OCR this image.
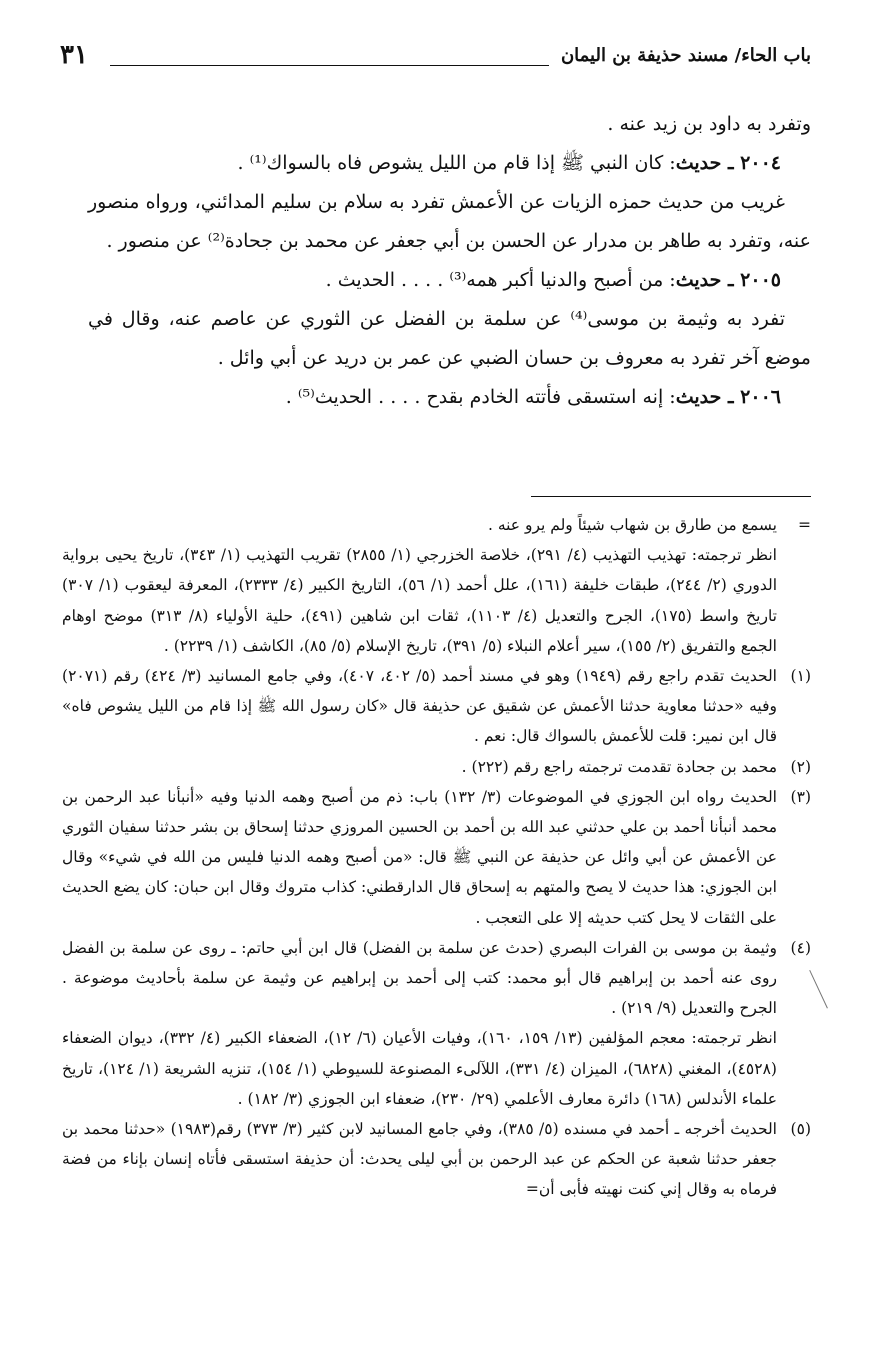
٣١	باب الحاء/ مسند حذيفة بن اليمان

وتفرد به داود بن زيد عنه .

٢٠٠٤ ـ حديث: كان النبي ﷺ إذا قام من الليل يشوص فاه بالسواك⁽¹⁾ .

غريب من حديث حمزه الزيات عن الأعمش تفرد به سلام بن سليم المدائني، ورواه منصور عنه، وتفرد به طاهر بن مدرار عن الحسن بن أبي جعفر عن محمد بن جحادة⁽²⁾ عن منصور .

٢٠٠٥ ـ حديث: من أصبح والدنيا أكبر همه⁽³⁾ . . . . الحديث .

تفرد به وثيمة بن موسى⁽⁴⁾ عن سلمة بن الفضل عن الثوري عن عاصم عنه، وقال في موضع آخر تفرد به معروف بن حسان الضبي عن عمر بن دريد عن أبي وائل .

٢٠٠٦ ـ حديث: إنه استسقى فأتته الخادم بقدح . . . . الحديث⁽⁵⁾ .

=

يسمع من طارق بن شهاب شيئاً ولم يرو عنه .

انظر ترجمته: تهذيب التهذيب (٤/ ٢٩١)، خلاصة الخزرجي (١/ ٢٨٥٥) تقريب التهذيب (١/ ٣٤٣)، تاريخ يحيى برواية الدوري (٢/ ٢٤٤)، طبقات خليفة (١٦١)، علل أحمد (١/ ٥٦)، التاريخ الكبير (٤/ ٢٣٣٣)، المعرفة ليعقوب (١/ ٣٠٧) تاريخ واسط (١٧٥)، الجرح والتعديل (٤/ ١١٠٣)، ثقات ابن شاهين (٤٩١)، حلية الأولياء (٨/ ٣١٣) موضح اوهام الجمع والتفريق (٢/ ١٥٥)، سير أعلام النبلاء (٥/ ٣٩١)، تاريخ الإسلام (٥/ ٨٥)، الكاشف (١/ ٢٢٣٩) .

(١)

الحديث تقدم راجع رقم (١٩٤٩) وهو في مسند أحمد (٥/ ٤٠٢، ٤٠٧)، وفي جامع المسانيد (٣/ ٤٢٤) رقم (٢٠٧١) وفيه «حدثنا معاوية حدثنا الأعمش عن شقيق عن حذيفة قال «كان رسول الله ﷺ إذا قام من الليل يشوص فاه» قال ابن نمير: قلت للأعمش بالسواك قال: نعم .

(٢)

محمد بن جحادة تقدمت ترجمته راجع رقم (٢٢٢) .

(٣)

الحديث رواه ابن الجوزي في الموضوعات (٣/ ١٣٢) باب: ذم من أصبح وهمه الدنيا وفيه «أنبأنا عبد الرحمن بن محمد أنبأنا أحمد بن علي حدثني عبد الله بن أحمد بن الحسين المروزي حدثنا إسحاق بن بشر حدثنا سفيان الثوري عن الأعمش عن أبي وائل عن حذيفة عن النبي ﷺ قال: «من أصبح وهمه الدنيا فليس من الله في شيء» وقال ابن الجوزي: هذا حديث لا يصح والمتهم به إسحاق قال الدارقطني: كذاب متروك وقال ابن حبان: كان يضع الحديث على الثقات لا يحل كتب حديثه إلا على التعجب .

(٤)

وثيمة بن موسى بن الفرات البصري (حدث عن سلمة بن الفضل) قال ابن أبي حاتم: ـ روى عن سلمة بن الفضل روى عنه أحمد بن إبراهيم قال أبو محمد: كتب إلى أحمد بن إبراهيم عن وثيمة عن سلمة بأحاديث موضوعة . الجرح والتعديل (٩/ ٢١٩) .

انظر ترجمته: معجم المؤلفين (١٣/ ١٥٩، ١٦٠)، وفيات الأعيان (٦/ ١٢)، الضعفاء الكبير (٤/ ٣٣٢)، ديوان الضعفاء (٤٥٢٨)، المغني (٦٨٢٨)، الميزان (٤/ ٣٣١)، اللآلىء المصنوعة للسيوطي (١/ ١٥٤)، تنزيه الشريعة (١/ ١٢٤)، تاريخ علماء الأندلس (١٦٨) دائرة معارف الأعلمي (٢٩/ ٢٣٠)، ضعفاء ابن الجوزي (٣/ ١٨٢) .

(٥)

الحديث أخرجه ـ أحمد في مسنده (٥/ ٣٨٥)، وفي جامع المسانيد لابن كثير (٣/ ٣٧٣) رقم(١٩٨٣) «حدثنا محمد بن جعفر حدثنا شعبة عن الحكم عن عبد الرحمن بن أبي ليلى يحدث: أن حذيفة استسقى فأتاه إنسان بإناء من فضة فرماه به وقال إني كنت نهيته فأبى أن=
